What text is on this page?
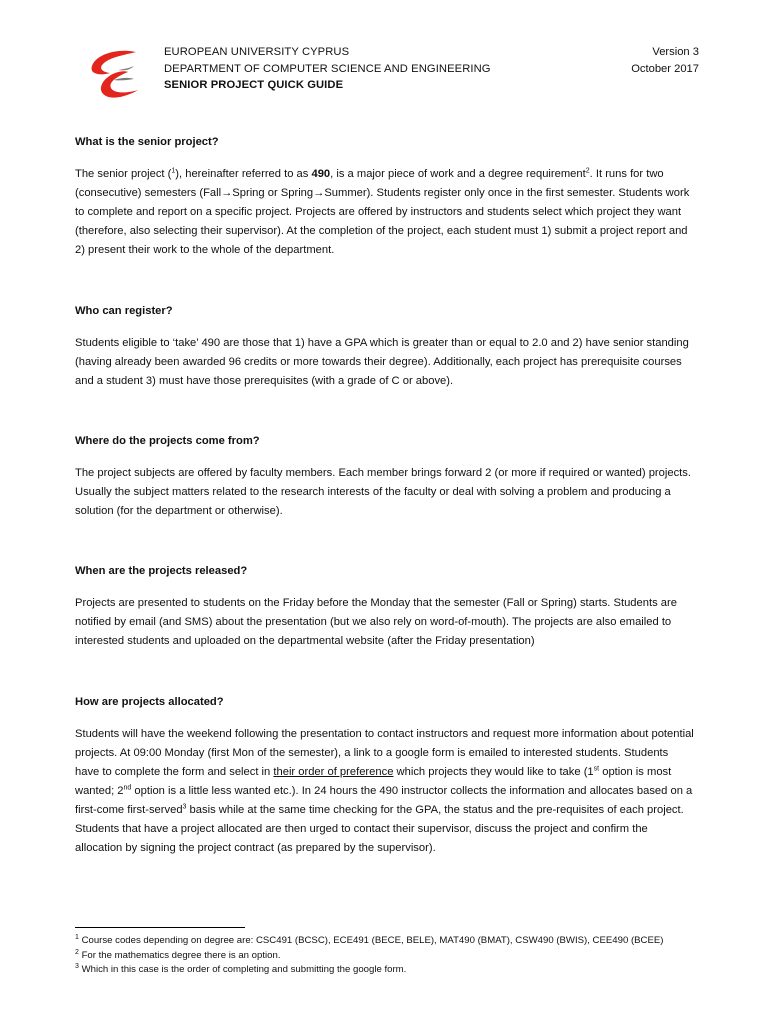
EUROPEAN UNIVERSITY CYPRUS
DEPARTMENT OF COMPUTER SCIENCE AND ENGINEERING
SENIOR PROJECT QUICK GUIDE
Version 3
October 2017

What is the senior project?

The senior project ($^1$), hereinafter referred to as 490, is a major piece of work and a degree requirement$^2$. It runs for two (consecutive) semesters (Fall→Spring or Spring→Summer). Students register only once in the first semester. Students work to complete and report on a specific project. Projects are offered by instructors and students select which project they want (therefore, also selecting their supervisor). At the completion of the project, each student must 1) submit a project report and 2) present their work to the whole of the department.

Who can register?

Students eligible to ‘take’ 490 are those that 1) have a GPA which is greater than or equal to 2.0 and 2) have senior standing (having already been awarded 96 credits or more towards their degree). Additionally, each project has prerequisite courses and a student 3) must have those prerequisites (with a grade of C or above).

Where do the projects come from?

The project subjects are offered by faculty members. Each member brings forward 2 (or more if required or wanted) projects. Usually the subject matters related to the research interests of the faculty or deal with solving a problem and producing a solution (for the department or otherwise).

When are the projects released?

Projects are presented to students on the Friday before the Monday that the semester (Fall or Spring) starts. Students are notified by email (and SMS) about the presentation (but we also rely on word-of-mouth). The projects are also emailed to interested students and uploaded on the departmental website (after the Friday presentation)

How are projects allocated?

Students will have the weekend following the presentation to contact instructors and request more information about potential projects. At 09:00 Monday (first Mon of the semester), a link to a google form is emailed to interested students. Students have to complete the form and select in their order of preference which projects they would like to take (1st option is most wanted; 2nd option is a little less wanted etc.). In 24 hours the 490 instructor collects the information and allocates based on a first-come first-served$^3$ basis while at the same time checking for the GPA, the status and the pre-requisites of each project. Students that have a project allocated are then urged to contact their supervisor, discuss the project and confirm the allocation by signing the project contract (as prepared by the supervisor).

$^1$ Course codes depending on degree are: CSC491 (BCSC), ECE491 (BECE, BELE), MAT490 (BMAT), CSW490 (BWIS), CEE490 (BCEE)
$^2$ For the mathematics degree there is an option.
$^3$ Which in this case is the order of completing and submitting the google form.
